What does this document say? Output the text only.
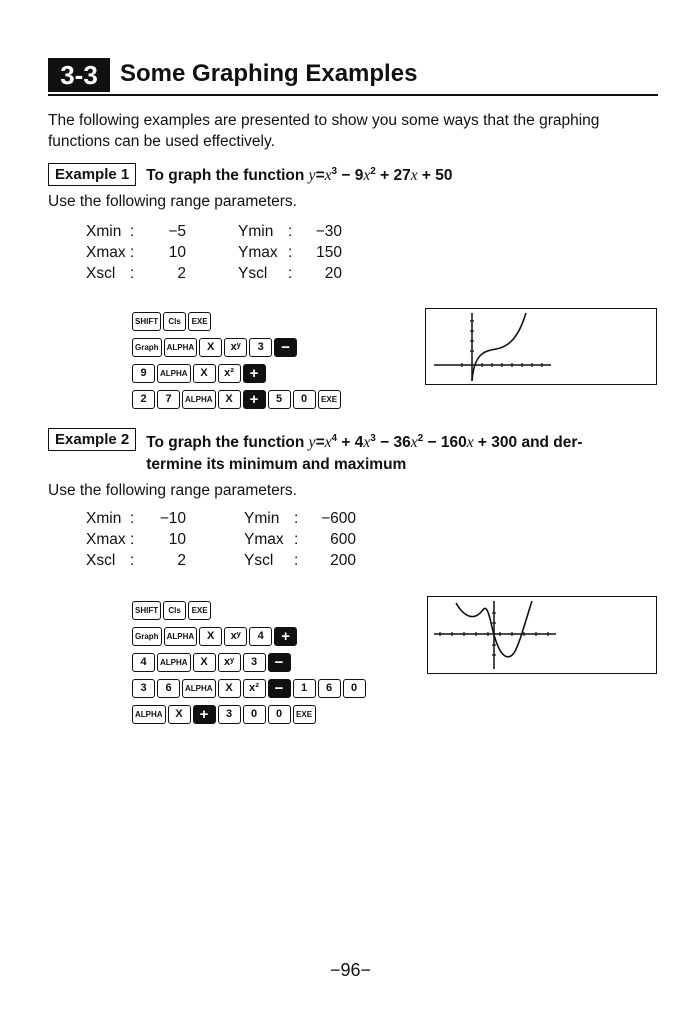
3-3 Some Graphing Examples
The following examples are presented to show you some ways that the graphing
functions can be used effectively.
Example 1	To graph the function $y=x^3 - 9x^2 + 27x + 50$
Use the following range parameters.
Xmin	:	−5	Ymin	:	−30
Xmax	:	10	Ymax	:	150
Xscl	:	2	Yscl	:	20
SHIFT	Cls	EXE
Graph	ALPHA	X	xʸ	3	−
9	ALPHA	X	x²	+
2	7	ALPHA	X	+	5	0	EXE
Example 2	To graph the function $y=x^4 + 4x^3 - 36x^2 - 160x + 300$ and der-
termine its minimum and maximum
Use the following range parameters.
Xmin	:	−10	Ymin	:	−600
Xmax	:	10	Ymax	:	600
Xscl	:	2	Yscl	:	200
SHIFT	Cls	EXE
Graph	ALPHA	X	xʸ	4	+
4	ALPHA	X	xʸ	3	−
3	6	ALPHA	X	x²	−	1	6	0
ALPHA	X	+	3	0	0	EXE
−96−
